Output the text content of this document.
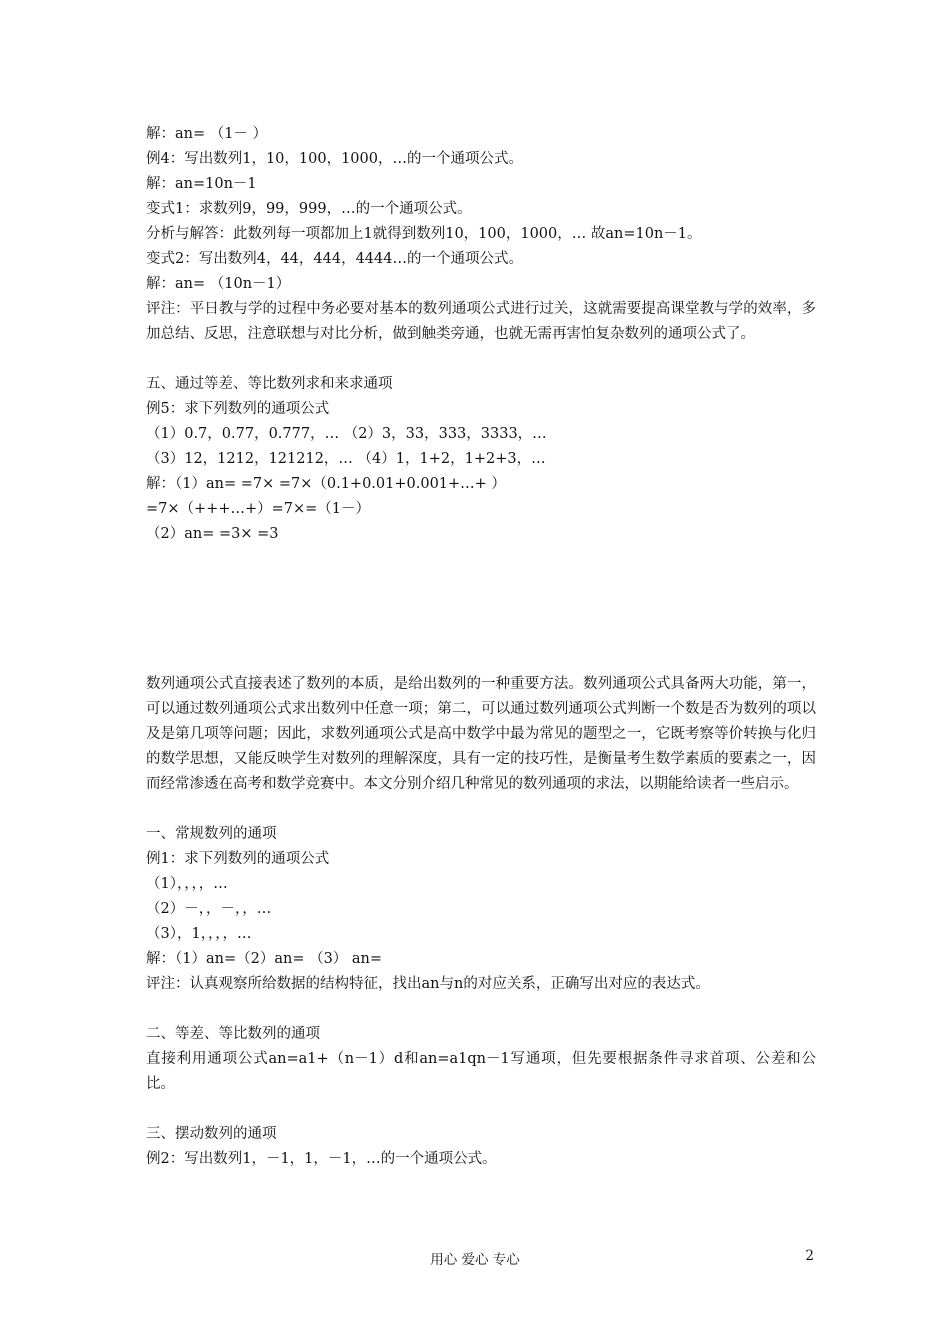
解：an= （1－ ）
例4：写出数列1，10，100，1000，…的一个通项公式。
解：an=10n－1
变式1：求数列9，99，999，…的一个通项公式。
分析与解答：此数列每一项都加上1就得到数列10，100，1000，… 故an=10n－1。
变式2：写出数列4，44，444，4444…的一个通项公式。
解：an= （10n－1）
评注：平日教与学的过程中务必要对基本的数列通项公式进行过关，这就需要提高课堂教与学的效率，多加总结、反思，注意联想与对比分析，做到触类旁通，也就无需再害怕复杂数列的通项公式了。
五、通过等差、等比数列求和来求通项
例5：求下列数列的通项公式
（1）0.7，0.77，0.777，… （2）3，33，333，3333，…
（3）12，1212，121212，… （4）1，1+2，1+2+3，…
解：（1）an= =7× =7×（0.1+0.01+0.001+…+ ）
=7×（+++…+）=7×=（1－）
（2）an= =3× =3
数列通项公式直接表述了数列的本质，是给出数列的一种重要方法。数列通项公式具备两大功能，第一，可以通过数列通项公式求出数列中任意一项；第二，可以通过数列通项公式判断一个数是否为数列的项以及是第几项等问题；因此，求数列通项公式是高中数学中最为常见的题型之一，它既考察等价转换与化归的数学思想，又能反映学生对数列的理解深度，具有一定的技巧性，是衡量考生数学素质的要素之一，因而经常渗透在高考和数学竞赛中。本文分别介绍几种常见的数列通项的求法，以期能给读者一些启示。
一、常规数列的通项
例1：求下列数列的通项公式
（1），，，，…
（2）－，，－，，…
（3），1，，，，…
解：（1）an=（2）an= （3） an=
评注：认真观察所给数据的结构特征，找出an与n的对应关系，正确写出对应的表达式。
二、等差、等比数列的通项
直接利用通项公式an=a1+（n－1）d和an=a1qn－1写通项，但先要根据条件寻求首项、公差和公比。
三、摆动数列的通项
例2：写出数列1，－1，1，－1，…的一个通项公式。
用心 爱心 专心	2
